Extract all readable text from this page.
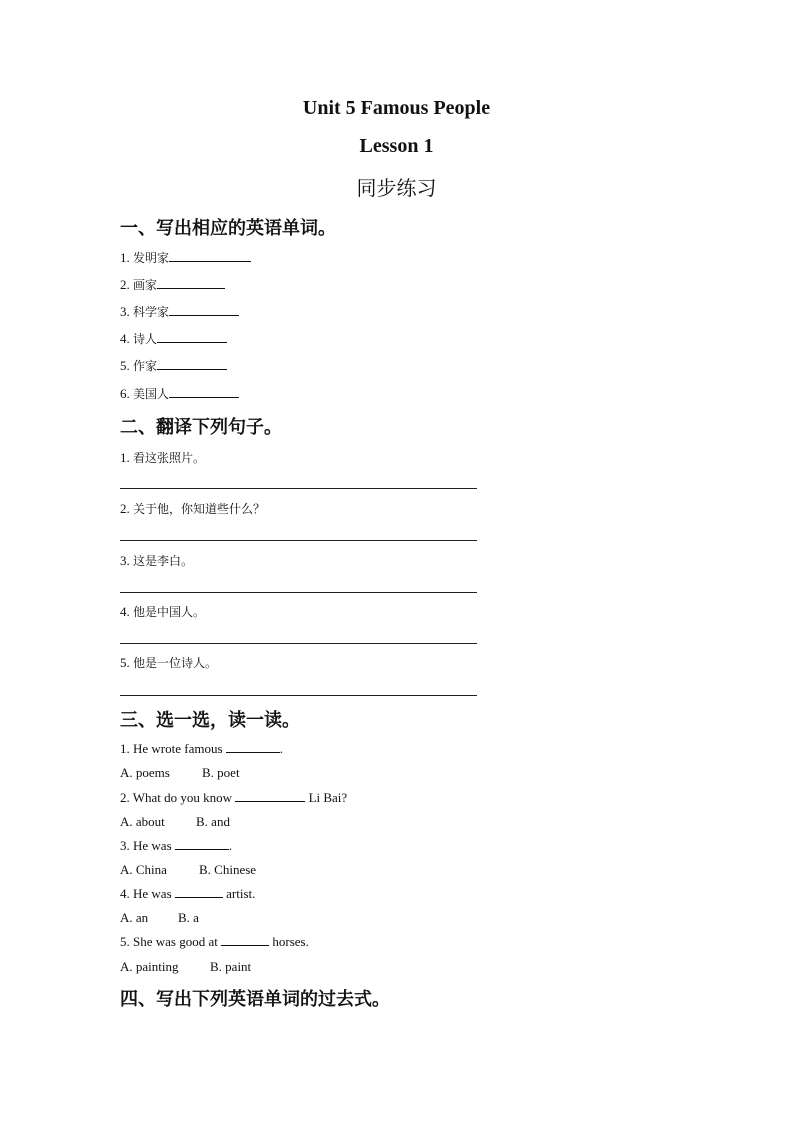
Unit 5 Famous People
Lesson 1
同步练习
一、写出相应的英语单词。
1. 发明家
2. 画家
3. 科学家
4. 诗人
5. 作家
6. 美国人
二、翻译下列句子。
1. 看这张照片。
2. 关于他，你知道些什么？
3. 这是李白。
4. 他是中国人。
5. 他是一位诗人。
三、选一选，读一读。
1. He wrote famous	.
A. poems B. poet
2. What do you know	Li Bai?
A. about B. and
3. He was	.
A. China B. Chinese
4. He was	artist.
A. an B. a
5. She was good at	horses.
A. painting B. paint
四、写出下列英语单词的过去式。
